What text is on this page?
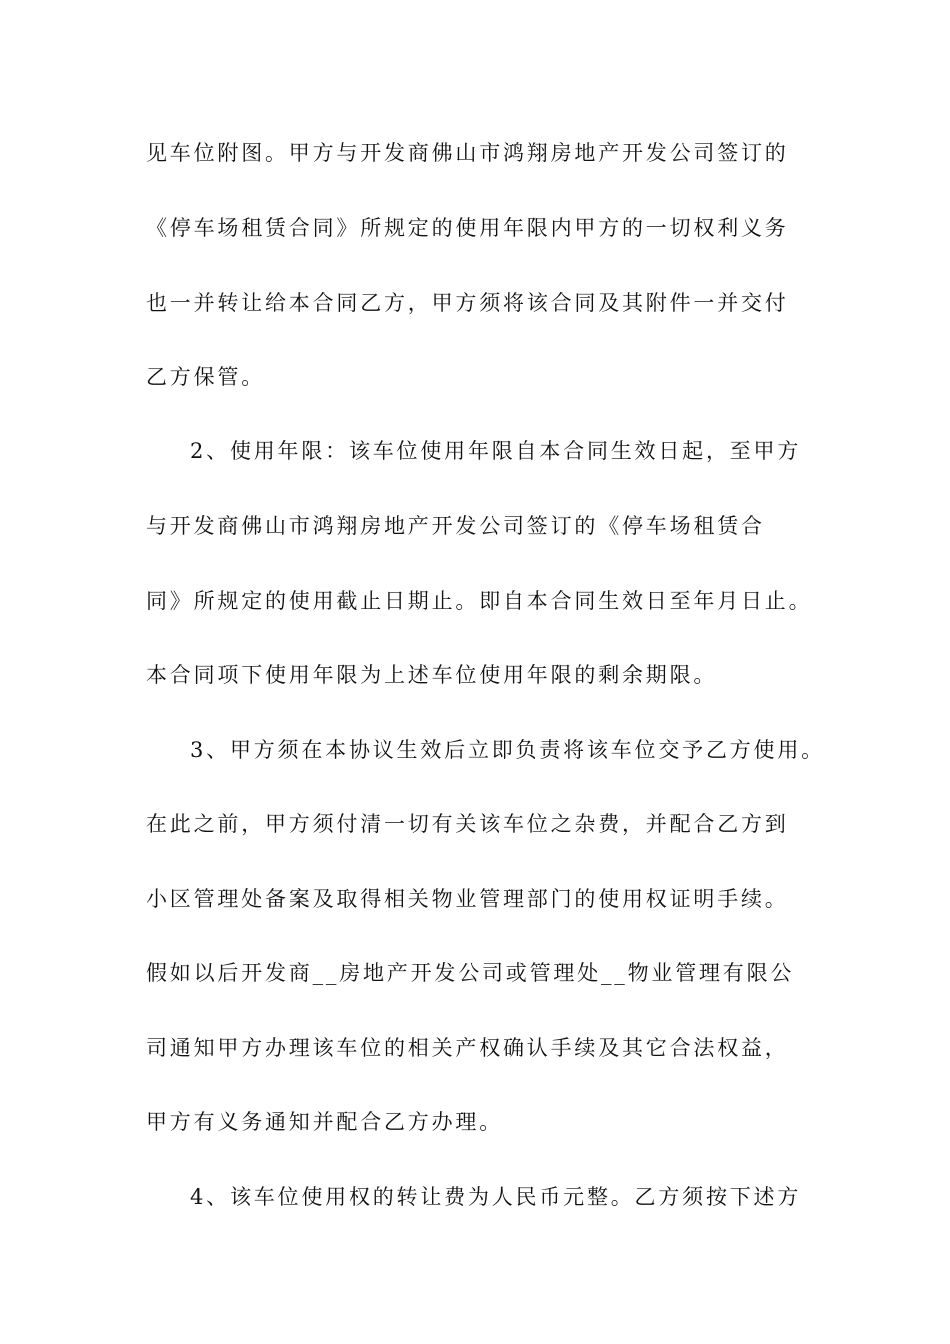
见车位附图。甲方与开发商佛山市鸿翔房地产开发公司签订的
《停车场租赁合同》所规定的使用年限内甲方的一切权利义务
也一并转让给本合同乙方，甲方须将该合同及其附件一并交付
乙方保管。
2、使用年限：该车位使用年限自本合同生效日起，至甲方
与开发商佛山市鸿翔房地产开发公司签订的《停车场租赁合
同》所规定的使用截止日期止。即自本合同生效日至年月日止。
本合同项下使用年限为上述车位使用年限的剩余期限。
3、甲方须在本协议生效后立即负责将该车位交予乙方使用。
在此之前，甲方须付清一切有关该车位之杂费，并配合乙方到
小区管理处备案及取得相关物业管理部门的使用权证明手续。
假如以后开发商__房地产开发公司或管理处__物业管理有限公
司通知甲方办理该车位的相关产权确认手续及其它合法权益，
甲方有义务通知并配合乙方办理。
4、该车位使用权的转让费为人民币元整。乙方须按下述方
